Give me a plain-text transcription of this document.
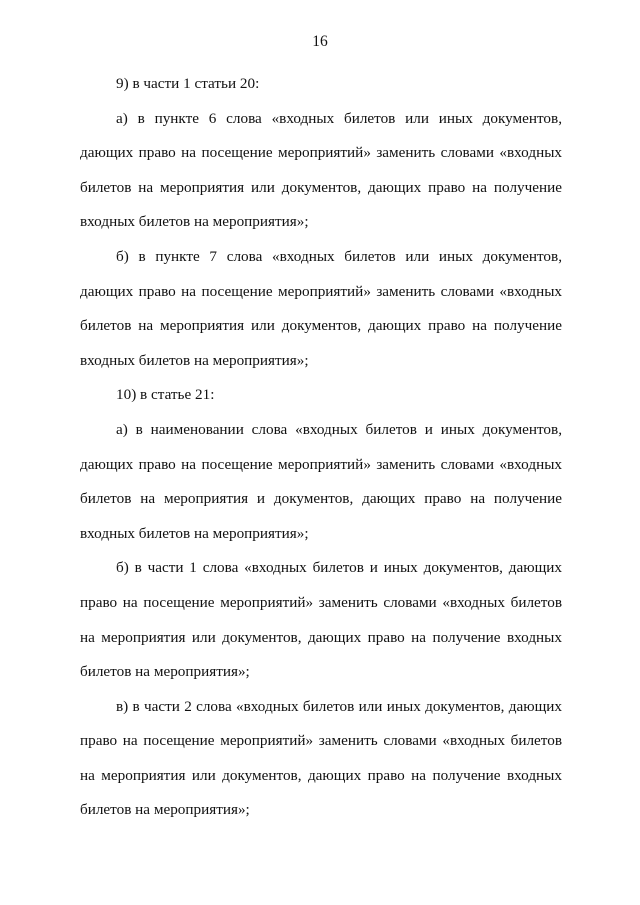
16

9) в части 1 статьи 20:

а) в пункте 6 слова «входных билетов или иных документов, дающих право на посещение мероприятий» заменить словами «входных билетов на мероприятия или документов, дающих право на получение входных билетов на мероприятия»;

б) в пункте 7 слова «входных билетов или иных документов, дающих право на посещение мероприятий» заменить словами «входных билетов на мероприятия или документов, дающих право на получение входных билетов на мероприятия»;

10) в статье 21:

а) в наименовании слова «входных билетов и иных документов, дающих право на посещение мероприятий» заменить словами «входных билетов на мероприятия и документов, дающих право на получение входных билетов на мероприятия»;

б) в части 1 слова «входных билетов и иных документов, дающих право на посещение мероприятий» заменить словами «входных билетов на мероприятия или документов, дающих право на получение входных билетов на мероприятия»;

в) в части 2 слова «входных билетов или иных документов, дающих право на посещение мероприятий» заменить словами «входных билетов на мероприятия или документов, дающих право на получение входных билетов на мероприятия»;
